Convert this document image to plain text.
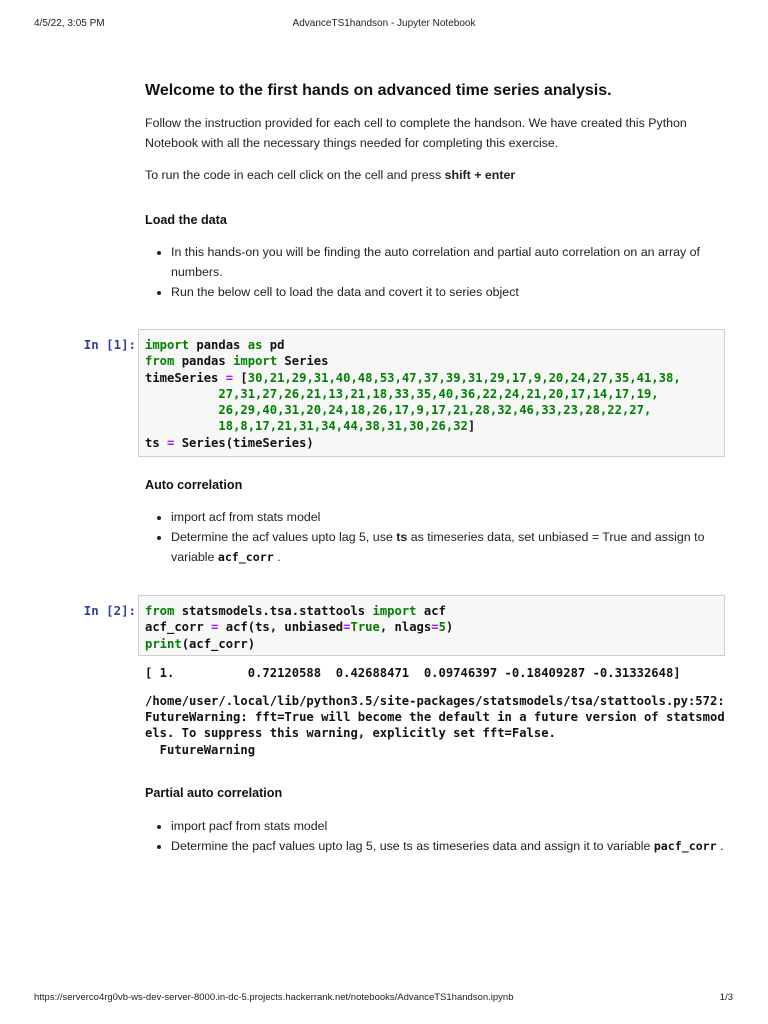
4/5/22, 3:05 PM	AdvanceTS1handson - Jupyter Notebook
Welcome to the first hands on advanced time series analysis.

Follow the instruction provided for each cell to complete the handson. We have created this Python Notebook with all the necessary things needed for completing this exercise.

To run the code in each cell click on the cell and press shift + enter

Load the data
• In this hands-on you will be finding the auto correlation and partial auto correlation on an array of numbers.
• Run the below cell to load the data and covert it to series object
In [1]: import pandas as pd
from pandas import Series
timeSeries = [30,21,29,31,40,48,53,47,37,39,31,29,17,9,20,24,27,35,41,38,
27,31,27,26,21,13,21,18,33,35,40,36,22,24,21,20,17,14,17,19,
26,29,40,31,20,24,18,26,17,9,17,21,28,32,46,33,23,28,22,27,
18,8,17,21,31,34,44,38,31,30,26,32]
ts = Series(timeSeries)
Auto correlation
• import acf from stats model
• Determine the acf values upto lag 5, use ts as timeseries data, set unbiased = True and assign to variable acf_corr .
In [2]: from statsmodels.tsa.stattools import acf
acf_corr = acf(ts, unbiased=True, nlags=5)
print(acf_corr)
[ 1.          0.72120588  0.42688471  0.09746397 -0.18409287 -0.31332648]
/home/user/.local/lib/python3.5/site-packages/statsmodels/tsa/stattools.py:572:
FutureWarning: fft=True will become the default in a future version of statsmod
els. To suppress this warning, explicitly set fft=False.
FutureWarning
Partial auto correlation
• import pacf from stats model
• Determine the pacf values upto lag 5, use ts as timeseries data and assign it to variable pacf_corr .
https://serverco4rg0vb-ws-dev-server-8000.in-dc-5.projects.hackerrank.net/notebooks/AdvanceTS1handson.ipynb	1/3
